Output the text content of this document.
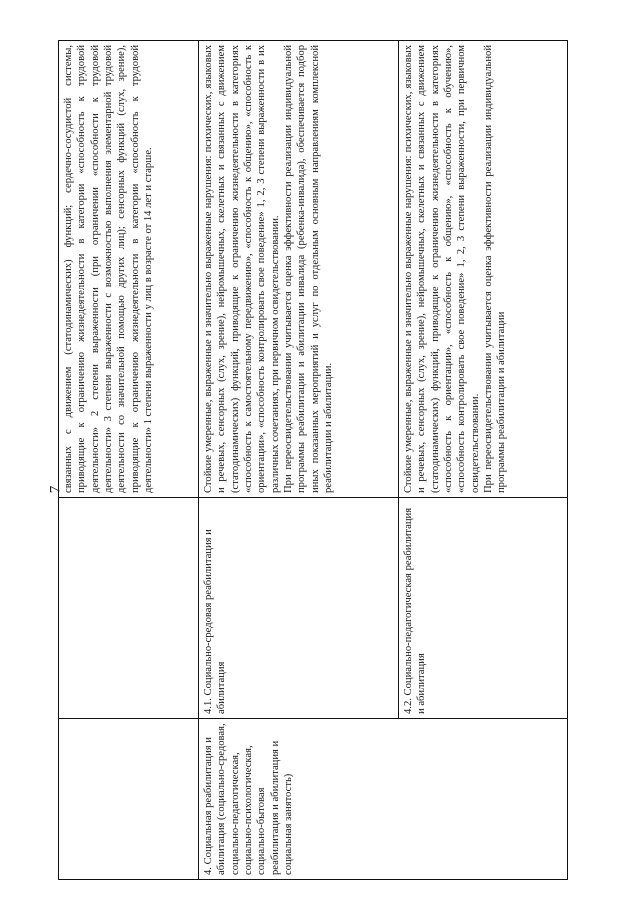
7

		связанных с движением (статодинамических) функций; сердечно-сосудистой системы, приводящие к ограничению жизнедеятельности в категории «способность к трудовой деятельности» 2 степени выраженности (при ограничении «способности к трудовой деятельности» 3 степени выраженности с возможностью выполнения элементарной трудовой деятельности со значительной помощью других лиц); сенсорных функций (слух, зрение), приводящие к ограничению жизнедеятельности в категории «способность к трудовой деятельности» 1 степени выраженности у лиц в возрасте от 14 лет и старше.

4. Социальная реабилитация и абилитация (социально-средовая, социально-педагогическая, социально-психологическая, социально-бытовая реабилитация и абилитация и социальная занятость)	4.1. Социально-средовая реабилитация и абилитация	Стойкие умеренные, выраженные и значительно выраженные нарушения: психических, языковых и речевых, сенсорных (слух, зрение), нейромышечных, скелетных и связанных с движением (статодинамических) функций, приводящие к ограничению жизнедеятельности в категориях «способность к самостоятельному передвижению», «способность к общению», «способность к ориентации», «способность контролировать свое поведение» 1, 2, 3 степени выраженности в их различных сочетаниях, при первичном освидетельствовании. При переосвидетельствовании учитывается оценка эффективности реализации индивидуальной программы реабилитации и абилитации инвалида (ребенка-инвалида), обеспечивается подбор иных показанных мероприятий и услуг по отдельным основным направлениям комплексной реабилитации и абилитации.

	4.2. Социально-педагогическая реабилитация и абилитация	Стойкие умеренные, выраженные и значительно выраженные нарушения: психических, языковых и речевых, сенсорных (слух, зрение), нейромышечных, скелетных и связанных с движением (статодинамических) функций, приводящие к ограничению жизнедеятельности в категориях «способность к ориентации», «способность к общению», «способность к обучению», «способность контролировать свое поведение» 1, 2, 3 степени выраженности, при первичном освидетельствовании. При переосвидетельствовании учитывается оценка эффективности реализации индивидуальной программы реабилитации и абилитации
